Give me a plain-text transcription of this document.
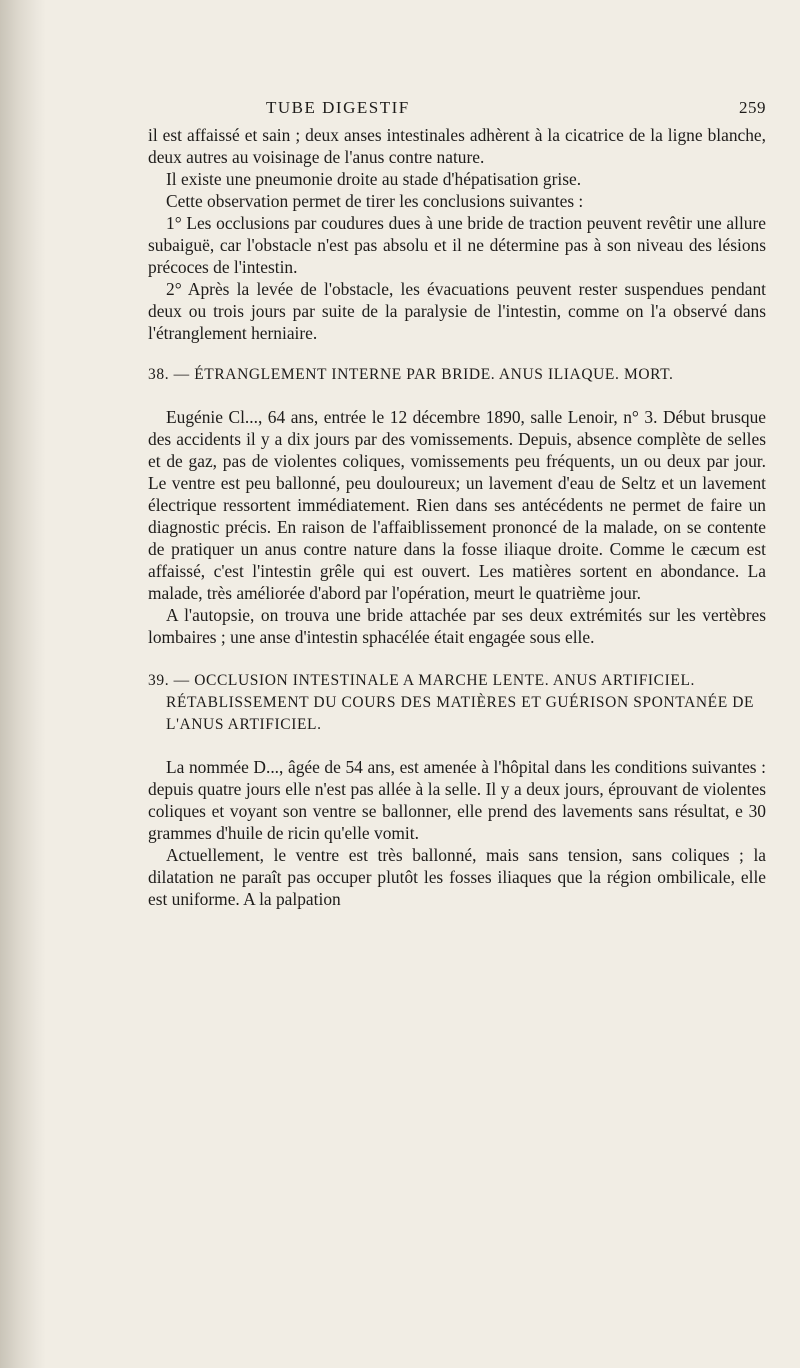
TUBE DIGESTIF	259

il est affaissé et sain ; deux anses intestinales adhèrent à la cicatrice de la ligne blanche, deux autres au voisinage de l'anus contre nature.

Il existe une pneumonie droite au stade d'hépatisation grise.

Cette observation permet de tirer les conclusions suivantes :

1° Les occlusions par coudures dues à une bride de traction peuvent revêtir une allure subaiguë, car l'obstacle n'est pas absolu et il ne détermine pas à son niveau des lésions précoces de l'intestin.

2° Après la levée de l'obstacle, les évacuations peuvent rester suspendues pendant deux ou trois jours par suite de la paralysie de l'intestin, comme on l'a observé dans l'étranglement herniaire.

38. — ÉTRANGLEMENT INTERNE PAR BRIDE. ANUS ILIAQUE. MORT.

Eugénie Cl..., 64 ans, entrée le 12 décembre 1890, salle Lenoir, n° 3. Début brusque des accidents il y a dix jours par des vomissements. Depuis, absence complète de selles et de gaz, pas de violentes coliques, vomissements peu fréquents, un ou deux par jour. Le ventre est peu ballonné, peu douloureux; un lavement d'eau de Seltz et un lavement électrique ressortent immédiatement. Rien dans ses antécédents ne permet de faire un diagnostic précis. En raison de l'affaiblissement prononcé de la malade, on se contente de pratiquer un anus contre nature dans la fosse iliaque droite. Comme le cæcum est affaissé, c'est l'intestin grêle qui est ouvert. Les matières sortent en abondance. La malade, très améliorée d'abord par l'opération, meurt le quatrième jour.

A l'autopsie, on trouva une bride attachée par ses deux extrémités sur les vertèbres lombaires ; une anse d'intestin sphacélée était engagée sous elle.

39. — OCCLUSION INTESTINALE A MARCHE LENTE. ANUS ARTIFICIEL. RÉTABLISSEMENT DU COURS DES MATIÈRES ET GUÉRISON SPONTANÉE DE L'ANUS ARTIFICIEL.

La nommée D..., âgée de 54 ans, est amenée à l'hôpital dans les conditions suivantes : depuis quatre jours elle n'est pas allée à la selle. Il y a deux jours, éprouvant de violentes coliques et voyant son ventre se ballonner, elle prend des lavements sans résultat, e 30 grammes d'huile de ricin qu'elle vomit.

Actuellement, le ventre est très ballonné, mais sans tension, sans coliques ; la dilatation ne paraît pas occuper plutôt les fosses iliaques que la région ombilicale, elle est uniforme. A la palpation
